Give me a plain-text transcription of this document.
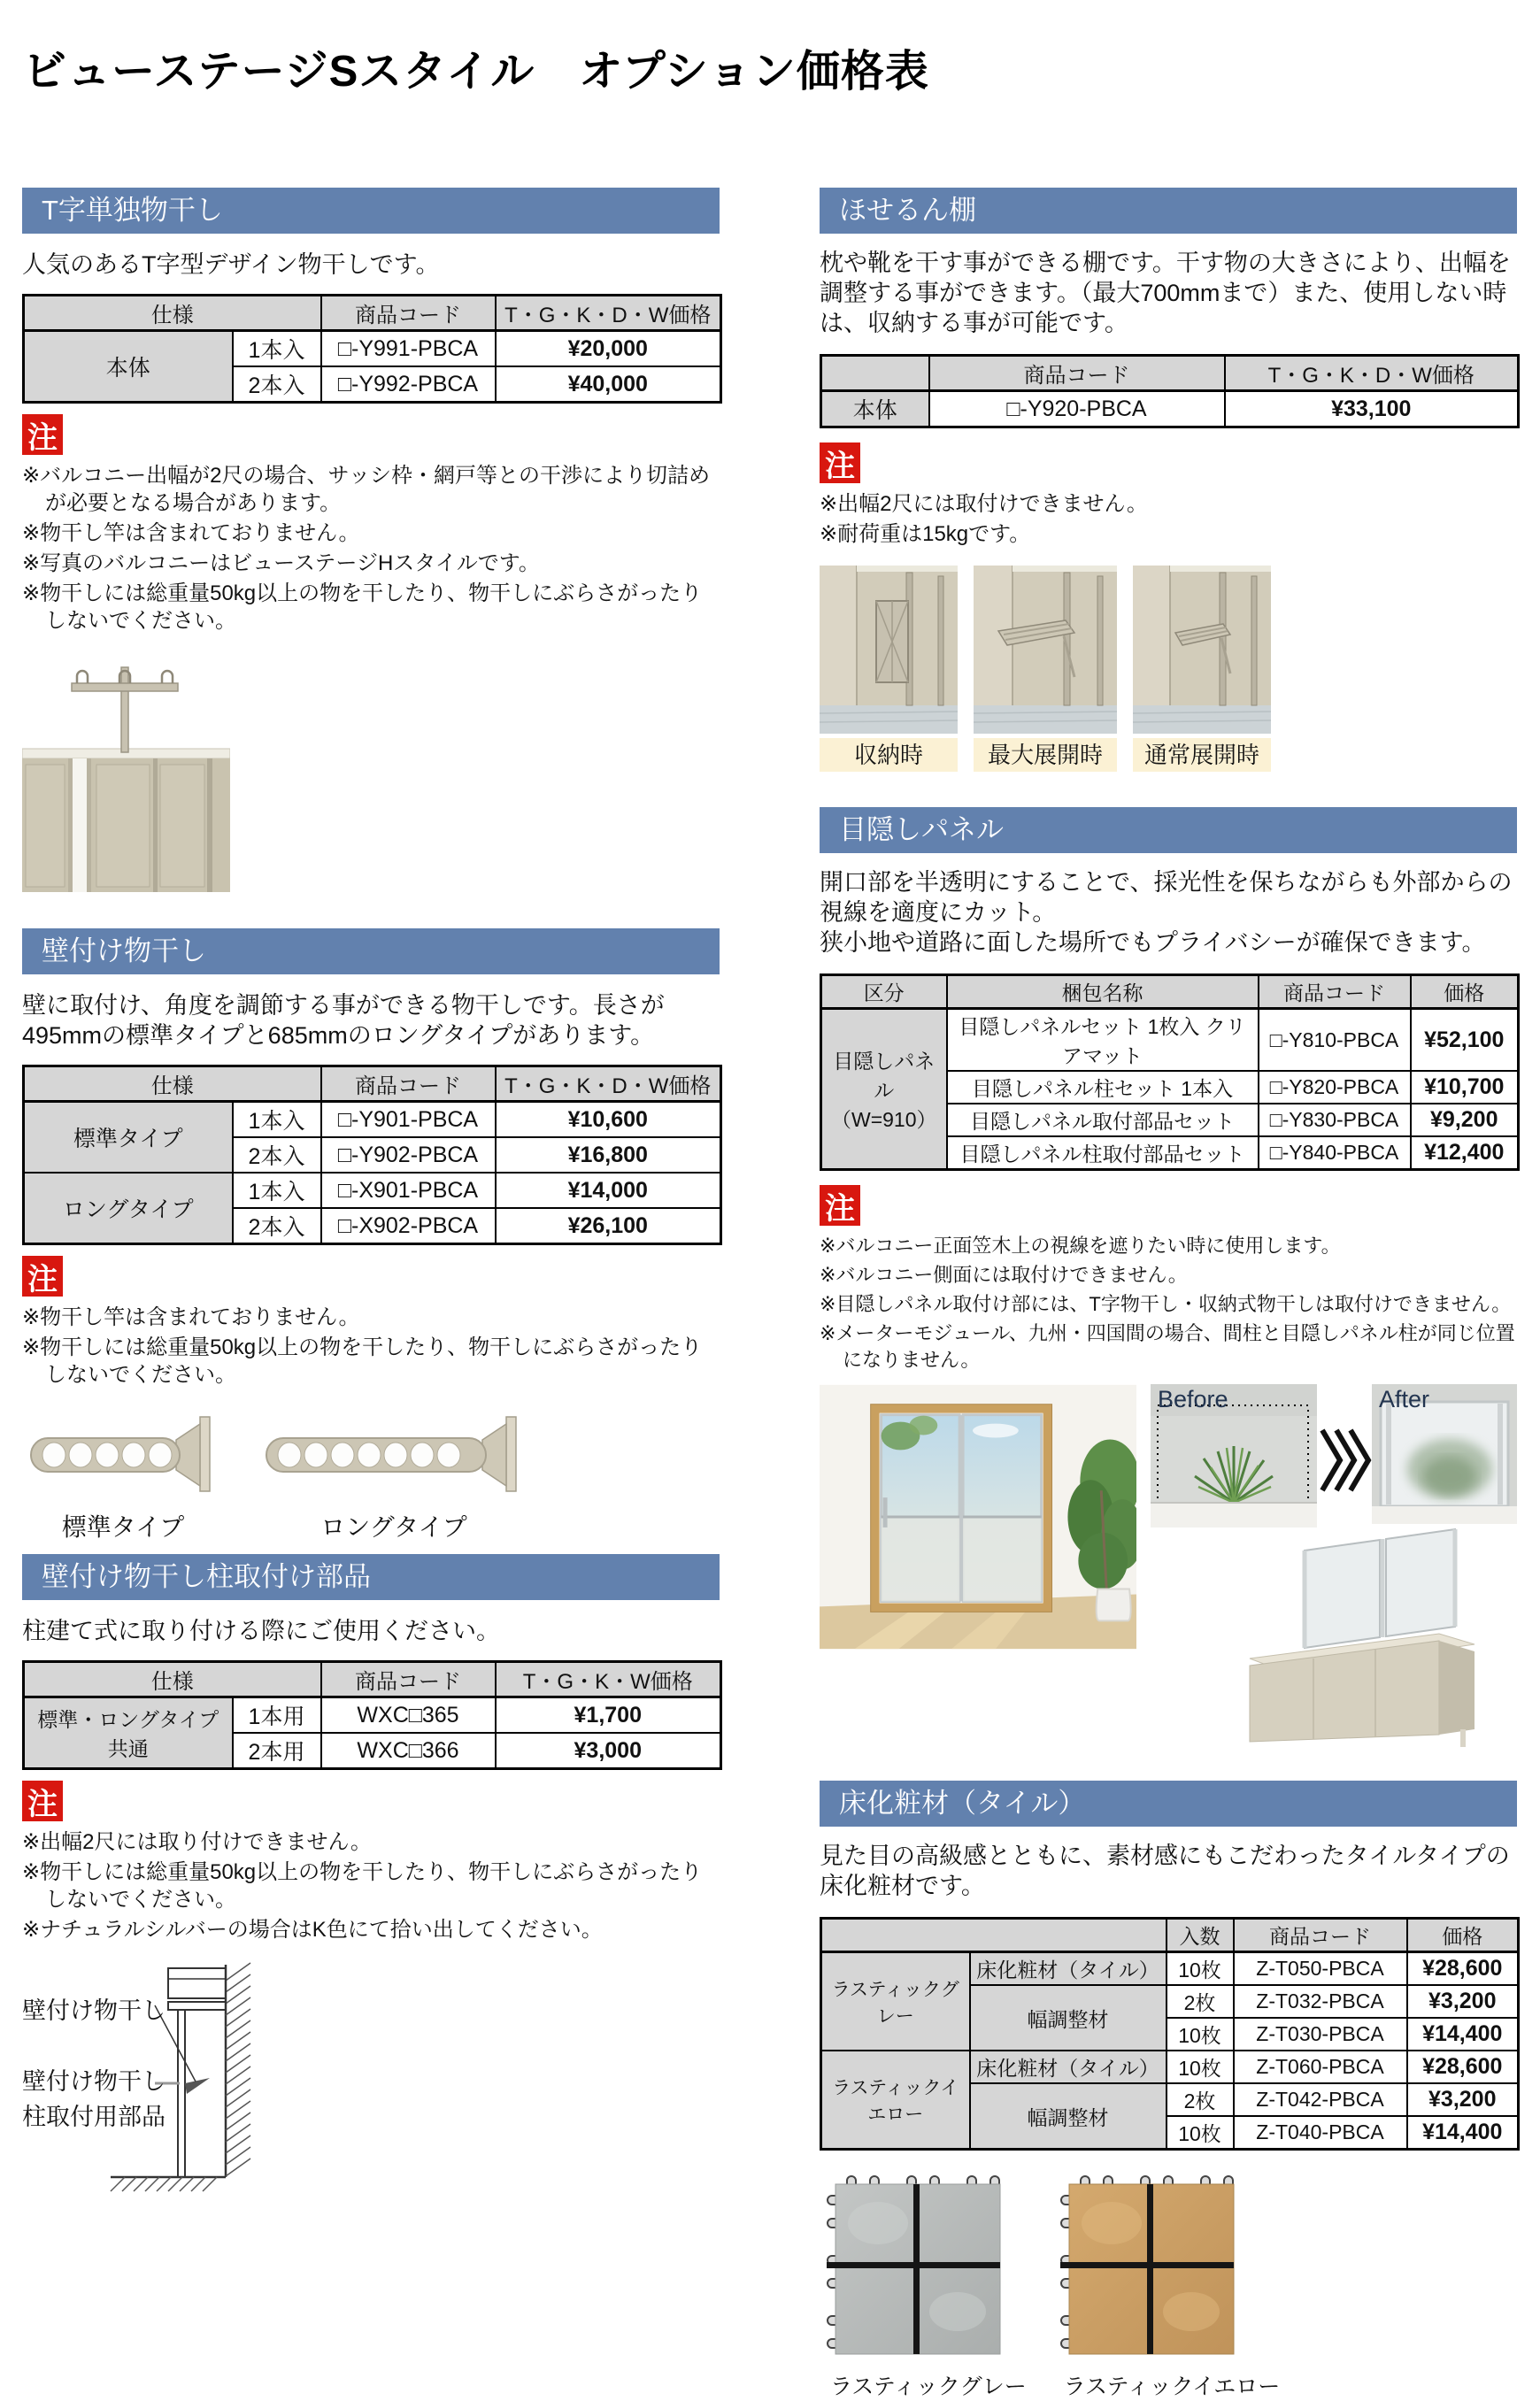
ビューステージSスタイル　オプション価格表
T字単独物干し
人気のあるT字型デザイン物干しです。
仕様		商品コード	T・G・K・D・W価格
本体	1本入	□-Y991-PBCA	¥20,000
	2本入	□-Y992-PBCA	¥40,000
注
※バルコニー出幅が2尺の場合、サッシ枠・網戸等との干渉により切詰めが必要となる場合があります。
※物干し竿は含まれておりません。
※写真のバルコニーはビューステージHスタイルです。
※物干しには総重量50kg以上の物を干したり、物干しにぶらさがったりしないでください。
壁付け物干し
壁に取付け、角度を調節する事ができる物干しです。長さが495mmの標準タイプと685mmのロングタイプがあります。
仕様		商品コード	T・G・K・D・W価格
標準タイプ	1本入	□-Y901-PBCA	¥10,600
	2本入	□-Y902-PBCA	¥16,800
ロングタイプ	1本入	□-X901-PBCA	¥14,000
	2本入	□-X902-PBCA	¥26,100
注
※物干し竿は含まれておりません。
※物干しには総重量50kg以上の物を干したり、物干しにぶらさがったりしないでください。
標準タイプ	ロングタイプ
壁付け物干し柱取付け部品
柱建て式に取り付ける際にご使用ください。
仕様		商品コード	T・G・K・W価格
標準・ロングタイプ共通	1本用	WXC□365	¥1,700
	2本用	WXC□366	¥3,000
注
※出幅2尺には取り付けできません。
※物干しには総重量50kg以上の物を干したり、物干しにぶらさがったりしないでください。
※ナチュラルシルバーの場合はK色にて拾い出してください。
壁付け物干し
壁付け物干し
柱取付用部品
ほせるん棚
枕や靴を干す事ができる棚です。干す物の大きさにより、出幅を調整する事ができます。（最大700mmまで）また、使用しない時は、収納する事が可能です。
	商品コード	T・G・K・D・W価格
本体	□-Y920-PBCA	¥33,100
注
※出幅2尺には取付けできません。
※耐荷重は15kgです。
収納時	最大展開時	通常展開時
目隠しパネル
開口部を半透明にすることで、採光性を保ちながらも外部からの視線を適度にカット。
狭小地や道路に面した場所でもプライバシーが確保できます。
区分	梱包名称	商品コード	価格

目隠しパネル
（W=910）	目隠しパネルセット 1枚入 クリアマット	□-Y810-PBCA	¥52,100
	目隠しパネル柱セット 1本入	□-Y820-PBCA	¥10,700
	目隠しパネル取付部品セット	□-Y830-PBCA	¥9,200
	目隠しパネル柱取付部品セット	□-Y840-PBCA	¥12,400
注
※バルコニー正面笠木上の視線を遮りたい時に使用します。
※バルコニー側面には取付けできません。
※目隠しパネル取付け部には、T字物干し・収納式物干しは取付けできません。
※メーターモジュール、九州・四国間の場合、間柱と目隠しパネル柱が同じ位置になりません。
Before	After
床化粧材（タイル）
見た目の高級感とともに、素材感にもこだわったタイルタイプの床化粧材です。
		入数	商品コード	価格
ラスティックグレー	床化粧材（タイル）	10枚	Z-T050-PBCA	¥28,600
	幅調整材	2枚	Z-T032-PBCA	¥3,200
		10枚	Z-T030-PBCA	¥14,400
ラスティックイエロー	床化粧材（タイル）	10枚	Z-T060-PBCA	¥28,600
	幅調整材	2枚	Z-T042-PBCA	¥3,200
		10枚	Z-T040-PBCA	¥14,400
ラスティックグレー ラスティックイエロー
